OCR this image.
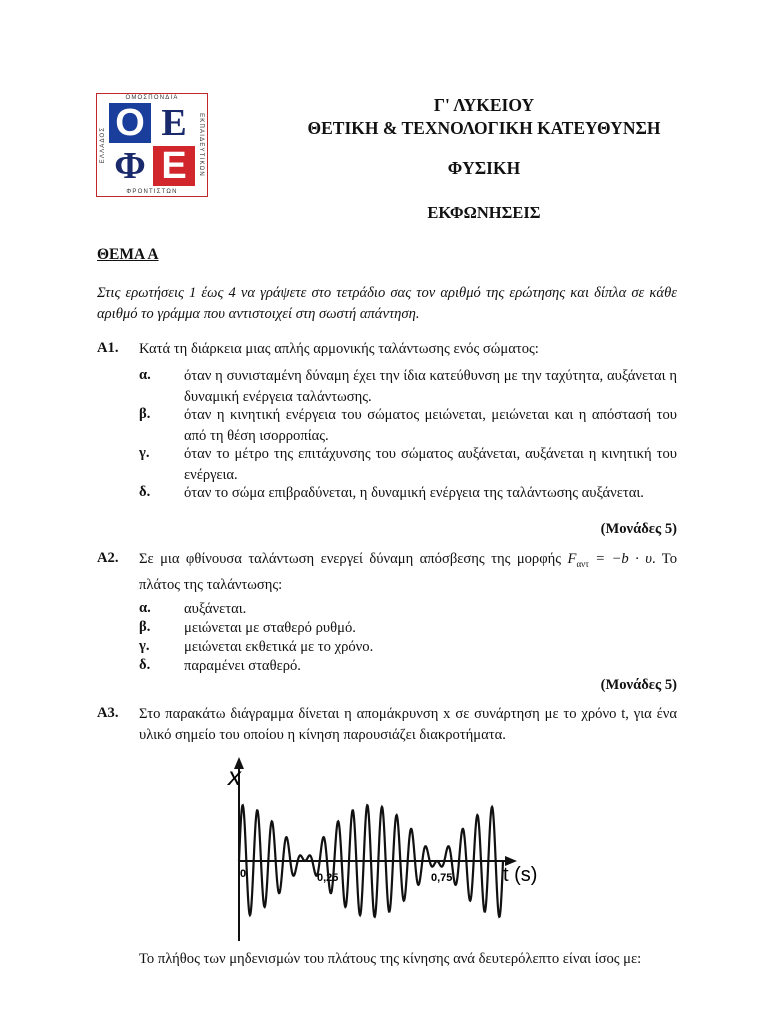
ΟΜΟΣΠΟΝΔΙΑ
ΦΡΟΝΤΙΣΤΩΝ
ΕΛΛΑΔΟΣ	ΕΚΠΑΙΔΕΥΤΙΚΩΝ
Ο Ε
Φ Ε
Γ' ΛΥΚΕΙΟΥ
ΘΕΤΙΚΗ & ΤΕΧΝΟΛΟΓΙΚΗ ΚΑΤΕΥΘΥΝΣΗ
ΦΥΣΙΚΗ
ΕΚΦΩΝΗΣΕΙΣ
ΘΕΜΑ Α
Στις ερωτήσεις 1 έως 4 να γράψετε στο τετράδιο σας τον αριθμό της ερώτησης και δίπλα σε κάθε αριθμό το γράμμα που αντιστοιχεί στη σωστή απάντηση.
Α1. Κατά τη διάρκεια μιας απλής αρμονικής ταλάντωσης ενός σώματος:
α. όταν η συνισταμένη δύναμη έχει την ίδια κατεύθυνση με την ταχύτητα, αυξάνεται η δυναμική ενέργεια ταλάντωσης.
β. όταν η κινητική ενέργεια του σώματος μειώνεται, μειώνεται και η απόστασή του από τη θέση ισορροπίας.
γ. όταν το μέτρο της επιτάχυνσης του σώματος αυξάνεται, αυξάνεται η κινητική του ενέργεια.
δ. όταν το σώμα επιβραδύνεται, η δυναμική ενέργεια της ταλάντωσης αυξάνεται.
(Μονάδες 5)
Α2. Σε μια φθίνουσα ταλάντωση ενεργεί δύναμη απόσβεσης της μορφής $F_{\alpha\nu\tau} = -b \cdot \upsilon$. Το πλάτος της ταλάντωσης:
α. αυξάνεται.
β. μειώνεται με σταθερό ρυθμό.
γ. μειώνεται εκθετικά με το χρόνο.
δ. παραμένει σταθερό.
(Μονάδες 5)
Α3. Στο παρακάτω διάγραμμα δίνεται η απομάκρυνση x σε συνάρτηση με το χρόνο t, για ένα υλικό σημείο του οποίου η κίνηση παρουσιάζει διακροτήματα.
x
0	0,25	0,75	t (s)
Το πλήθος των μηδενισμών του πλάτους της κίνησης ανά δευτερόλεπτο είναι ίσος με:
